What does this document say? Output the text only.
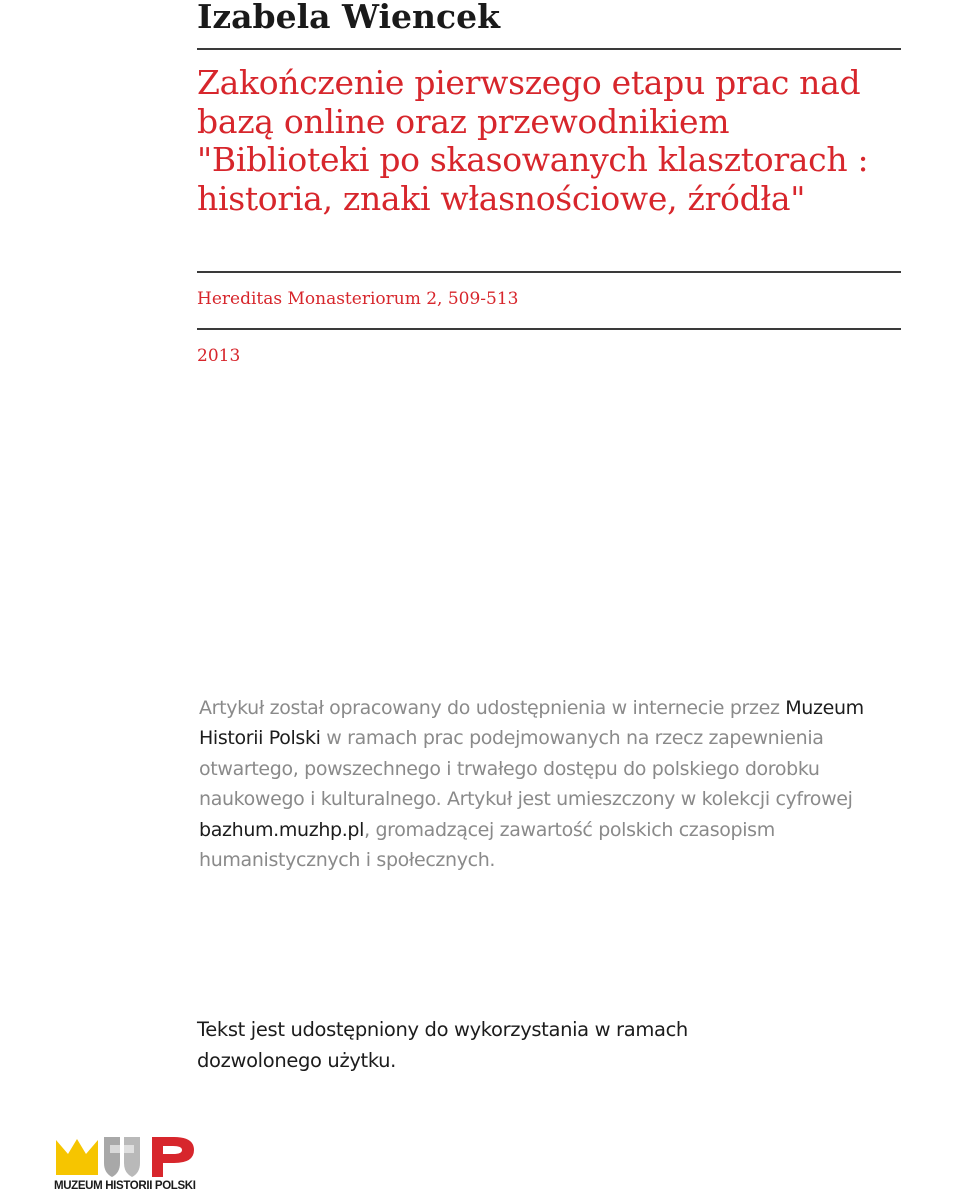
Izabela Wiencek
Zakończenie pierwszego etapu prac nad bazą online oraz przewodnikiem "Biblioteki po skasowanych klasztorach : historia, znaki własnościowe, źródła"
Hereditas Monasteriorum 2, 509-513
2013

Artykuł został opracowany do udostępnienia w internecie przez Muzeum Historii Polski w ramach prac podejmowanych na rzecz zapewnienia otwartego, powszechnego i trwałego dostępu do polskiego dorobku naukowego i kulturalnego. Artykuł jest umieszczony w kolekcji cyfrowej bazhum.muzhp.pl, gromadzącej zawartość polskich czasopism humanistycznych i społecznych.

Tekst jest udostępniony do wykorzystania w ramach dozwolonego użytku.

MUZEUM HISTORII POLSKI
